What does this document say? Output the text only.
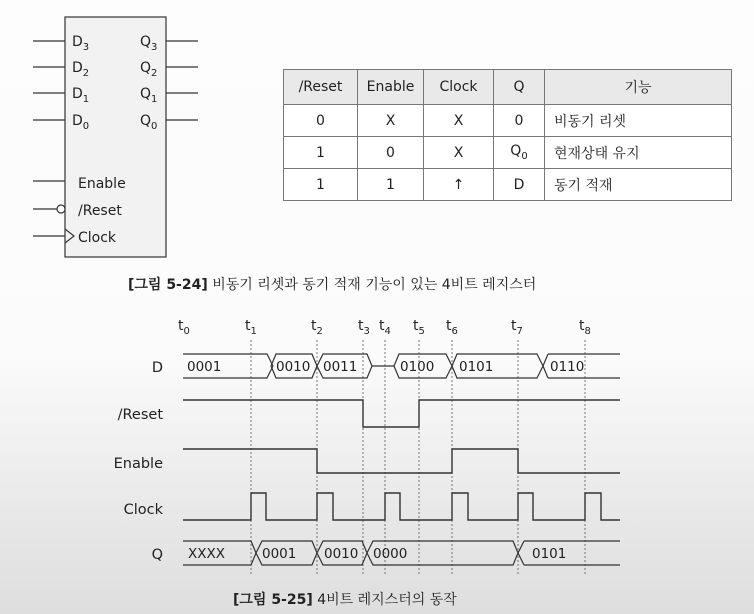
$D_3$
$D_2$
$D_1$
$D_0$
$Q_3$
$Q_2$
$Q_1$
$Q_0$
Enable
/Reset
Clock
[그림 5-24] 비동기 리셋과 동기 적재 기능이 있는 4비트 레지스터
$t_0$	$t_1$	$t_2$	$t_3$ $t_4$ $t_5$ $t_6$	$t_7$	$t_8$
D
/Reset
Enable
Clock
Q
0001	0010 0011	0100 0101	0110
XXXX	0001 0010 0000	0101
[그림 5-25] 4비트 레지스터의 동작
/Reset	Enable	Clock	Q	기능
0	X	X	0	비동기 리셋
1	0	X	$Q_0$	현재상태 유지
1	1	↑	D	동기 적재
